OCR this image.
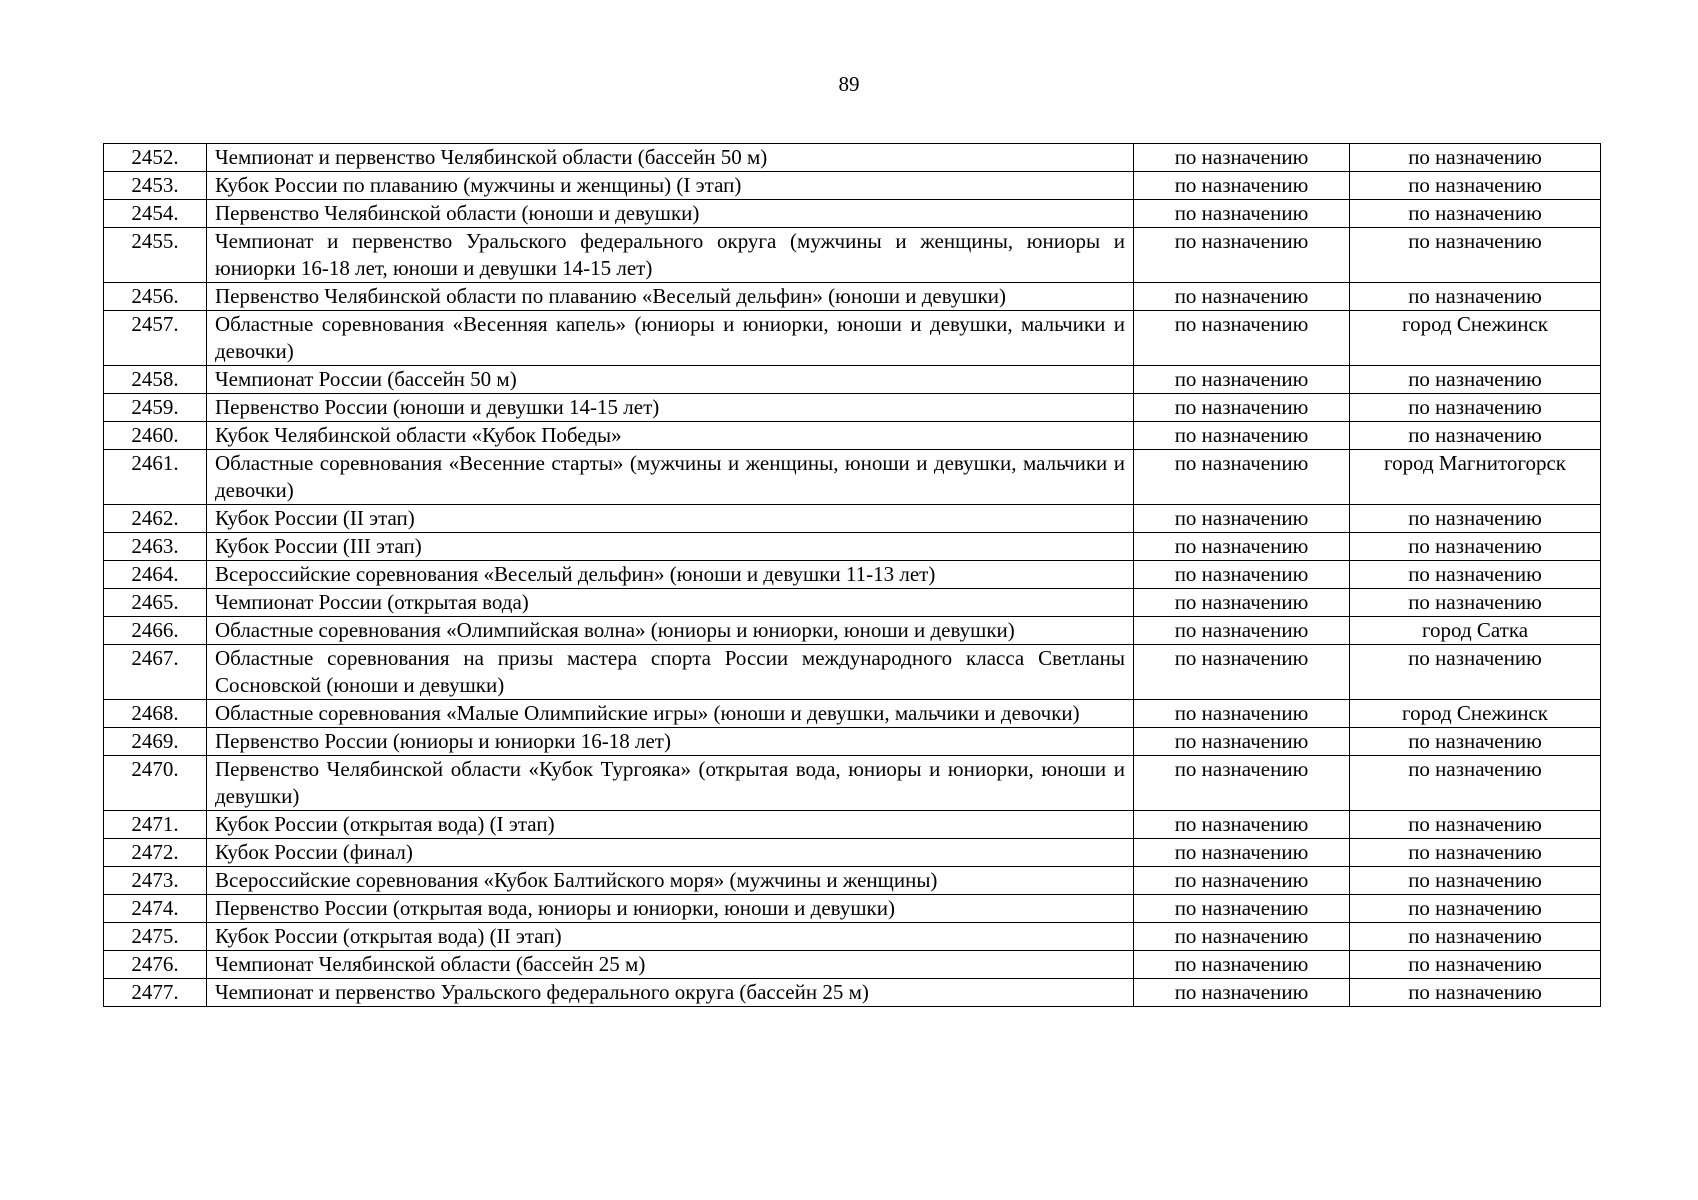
89
2452.	Чемпионат и первенство Челябинской области (бассейн 50 м)	по назначению	по назначению
2453.	Кубок России по плаванию (мужчины и женщины) (I этап)	по назначению	по назначению
2454.	Первенство Челябинской области (юноши и девушки)	по назначению	по назначению
2455.	Чемпионат и первенство Уральского федерального округа (мужчины и женщины, юниоры и юниорки 16-18 лет, юноши и девушки 14-15 лет)	по назначению	по назначению
2456.	Первенство Челябинской области по плаванию «Веселый дельфин» (юноши и девушки)	по назначению	по назначению
2457.	Областные соревнования «Весенняя капель» (юниоры и юниорки, юноши и девушки, мальчики и девочки)	по назначению	город Снежинск
2458.	Чемпионат России (бассейн 50 м)	по назначению	по назначению
2459.	Первенство России (юноши и девушки 14-15 лет)	по назначению	по назначению
2460.	Кубок Челябинской области «Кубок Победы»	по назначению	по назначению
2461.	Областные соревнования «Весенние старты» (мужчины и женщины, юноши и девушки, мальчики и девочки)	по назначению	город Магнитогорск
2462.	Кубок России (II этап)	по назначению	по назначению
2463.	Кубок России (III этап)	по назначению	по назначению
2464.	Всероссийские соревнования «Веселый дельфин» (юноши и девушки 11-13 лет)	по назначению	по назначению
2465.	Чемпионат России (открытая вода)	по назначению	по назначению
2466.	Областные соревнования «Олимпийская волна» (юниоры и юниорки, юноши и девушки)	по назначению	город Сатка
2467.	Областные соревнования на призы мастера спорта России международного класса Светланы Сосновской (юноши и девушки)	по назначению	по назначению
2468.	Областные соревнования «Малые Олимпийские игры» (юноши и девушки, мальчики и девочки)	по назначению	город Снежинск
2469.	Первенство России (юниоры и юниорки 16-18 лет)	по назначению	по назначению
2470.	Первенство Челябинской области «Кубок Тургояка» (открытая вода, юниоры и юниорки, юноши и девушки)	по назначению	по назначению
2471.	Кубок России (открытая вода) (I этап)	по назначению	по назначению
2472.	Кубок России (финал)	по назначению	по назначению
2473.	Всероссийские соревнования «Кубок Балтийского моря» (мужчины и женщины)	по назначению	по назначению
2474.	Первенство России (открытая вода, юниоры и юниорки, юноши и девушки)	по назначению	по назначению
2475.	Кубок России (открытая вода) (II этап)	по назначению	по назначению
2476.	Чемпионат Челябинской области (бассейн 25 м)	по назначению	по назначению
2477.	Чемпионат и первенство Уральского федерального округа (бассейн 25 м)	по назначению	по назначению
